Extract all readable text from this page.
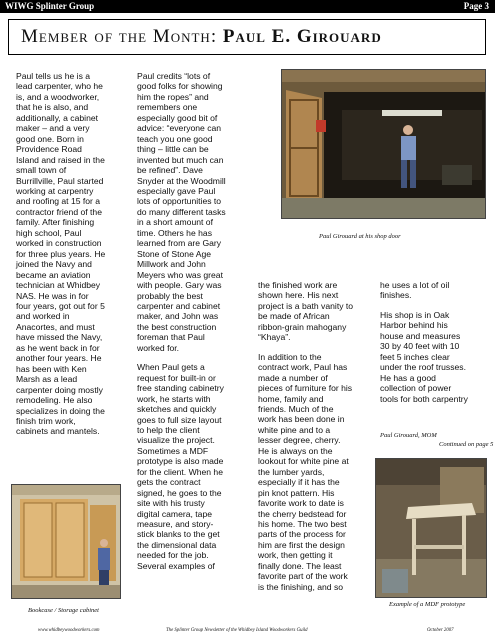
WIWG Splinter Group	Page 3
Member of the Month: Paul E. Girouard

Paul tells us he is a
lead carpenter, who he
is, and a woodworker,
that he is also, and
additionally, a cabinet
maker – and a very
good one. Born in
Providence Road
Island and raised in the
small town of
Burrillville, Paul started
working at carpentry
and roofing at 15 for a
contractor friend of the
family. After finishing
high school, Paul
worked in construction
for three plus years. He
joined the Navy and
became an aviation
technician at Whidbey
NAS. He was in for
four years, got out for 5
and worked in
Anacortes, and must
have missed the Navy,
as he went back in for
another four years. He
has been with Ken
Marsh as a lead
carpenter doing mostly
remodeling. He also
specializes in doing the
finish trim work,
cabinets and mantels.

Paul credits “lots of
good folks for showing
him the ropes” and
remembers one
especially good bit of
advice: “everyone can
teach you one good
thing – little can be
invented but much can
be refined”. Dave
Snyder at the Woodmill
especially gave Paul
lots of opportunities to
do many different tasks
in a short amount of
time. Others he has
learned from are Gary
Stone of Stone Age
Millwork and John
Meyers who was great
with people. Gary was
probably the best
carpenter and cabinet
maker, and John was
the best construction
foreman that Paul
worked for.

When Paul gets a
request for built-in or
free standing cabinetry
work, he starts with
sketches and quickly
goes to full size layout
to help the client
visualize the project.
Sometimes a MDF
prototype is also made
for the client. When he
gets the contract
signed, he goes to the
site with his trusty
digital camera, tape
measure, and story-
stick blanks to the get
the dimensional data
needed for the job.
Several examples of

the finished work are
shown here. His next
project is a bath vanity to
be made of African
ribbon-grain mahogany
“Khaya”.

In addition to the
contract work, Paul has
made a number of
pieces of furniture for his
home, family and
friends. Much of the
work has been done in
white pine and to a
lesser degree, cherry.
He is always on the
lookout for white pine at
the lumber yards,
especially if it has the
pin knot pattern. His
favorite work to date is
the cherry bedstead for
his home. The two best
parts of the process for
him are first the design
work, then getting it
finally done. The least
favorite part of the work
is the finishing, and so

he uses a lot of oil
finishes.

His shop is in Oak
Harbor behind his
house and measures
30 by 40 feet with 10
feet 5 inches clear
under the roof trusses.
He has a good
collection of power
tools for both carpentry

Paul Girouard at his shop door
Bookcase / Storage cabinet
Paul Girouard, MOM
Continued on page 5
Example of a MDF prototype
www.whidbeywoodworkers.com	The Splinter Group Newsletter of the Whidbey Island Woodworkers Guild	October 2007
